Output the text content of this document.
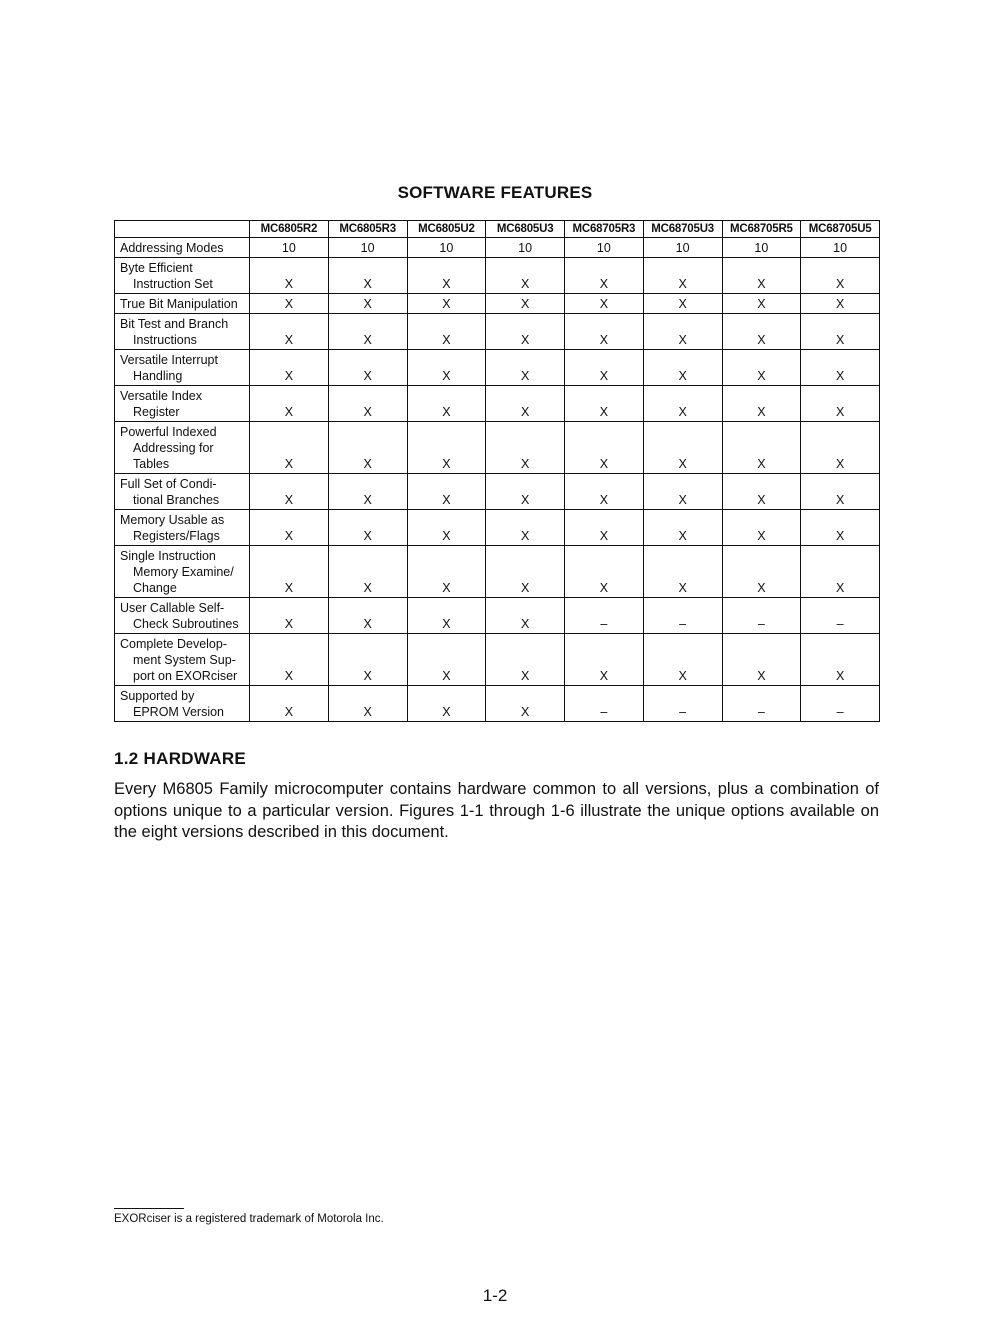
SOFTWARE FEATURES
	MC6805R2	MC6805R3	MC6805U2	MC6805U3	MC68705R3	MC68705U3	MC68705R5	MC68705U5

Addressing Modes	10	10	10	10	10	10	10	10

Byte Efficient
Instruction Set	X	X	X	X	X	X	X	X

True Bit Manipulation	X	X	X	X	X	X	X	X

Bit Test and Branch
Instructions	X	X	X	X	X	X	X	X

Versatile Interrupt
Handling	X	X	X	X	X	X	X	X

Versatile Index
Register	X	X	X	X	X	X	X	X

Powerful Indexed
Addressing for
Tables	X	X	X	X	X	X	X	X

Full Set of Condi-
tional Branches	X	X	X	X	X	X	X	X

Memory Usable as
Registers/Flags	X	X	X	X	X	X	X	X

Single Instruction
Memory Examine/
Change	X	X	X	X	X	X	X	X

User Callable Self-
Check Subroutines	X	X	X	X	–	–	–	–

Complete Develop-
ment System Sup-
port on EXORciser	X	X	X	X	X	X	X	X

Supported by
EPROM Version	X	X	X	X	–	–	–	–
1.2 HARDWARE
Every M6805 Family microcomputer contains hardware common to all versions, plus a combination of options unique to a particular version. Figures 1-1 through 1-6 illustrate the unique options available on the eight versions described in this document.
EXORciser is a registered trademark of Motorola Inc.
1-2
